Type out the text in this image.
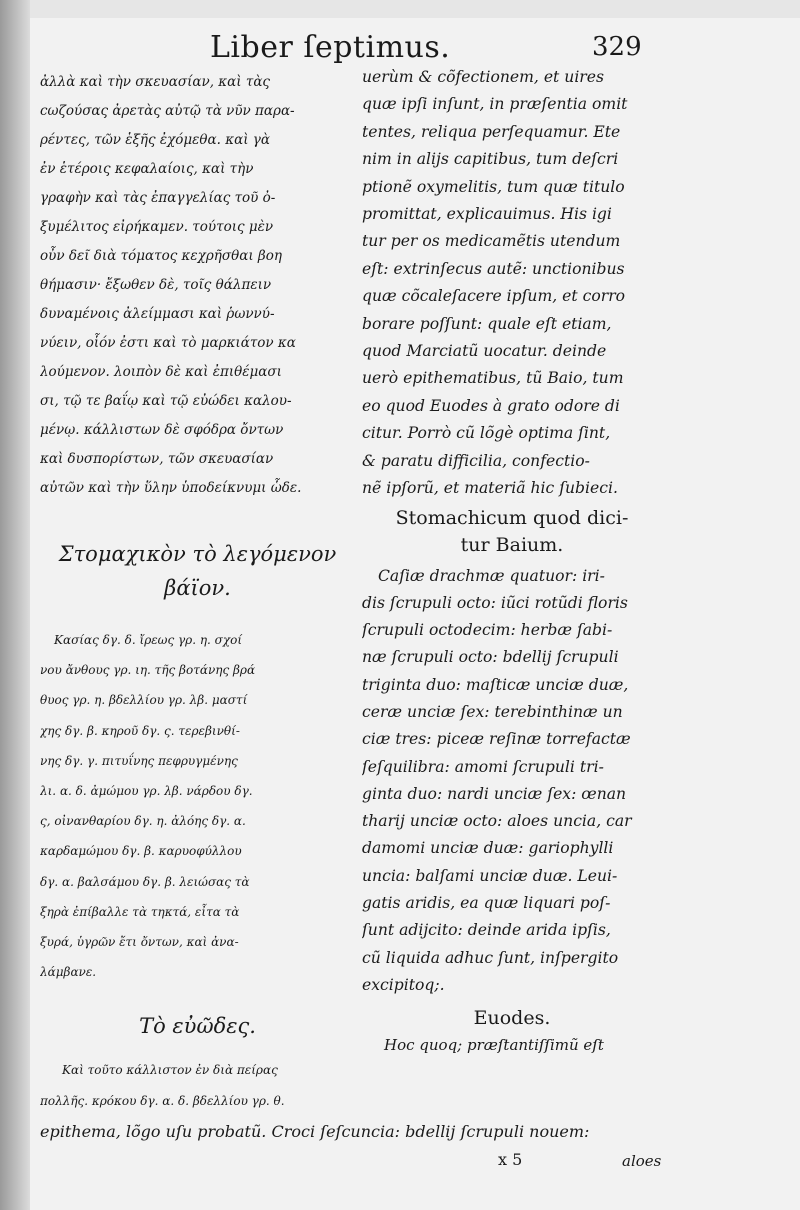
Liber ſeptimus.	329

ἀλλὰ καὶ τὴν σκευασίαν, καὶ τὰς

ϲωζούσας ἀρετὰς αὐτῷ τὰ νῦν παρα-

ρέντες, τῶν ἑξῆς ἐχόμεθα. καὶ γὰ

ἐν ἑτέροις κεφαλαίοις, καὶ τὴν

γραφὴν καὶ τὰς ἐπαγγελίας τοῦ ὀ-

ξυμέλιτος εἰρήκαμεν. τούτοις μὲν

οὖν δεῖ διὰ τόματος κεχρῆσθαι βοη

θήμασιν· ἔξωθεν δὲ, τοῖς θάλπειν

δυναμένοις ἀλείμμασι καὶ ῥωννύ-

νύειν, οἷόν ἐστι καὶ τὸ μαρκιάτον κα

λούμενον. λοιπὸν δὲ καὶ ἐπιθέμασι

σι, τῷ τε βαΐῳ καὶ τῷ εὐώδει καλου-

μένῳ. κάλλιστων δὲ σφόδρα ὄντων

καὶ δυσπορίστων, τῶν σκευασίαν

αὐτῶν καὶ τὴν ὕλην ὑποδείκνυμι ὧδε.

Στομαχικὸν τὸ λεγόμενον

βάϊον.

Κασίας δγ. δ. ἴρεως γρ. η. σχοί

νου ἄνθους γρ. ιη. τῆς βοτάνης βρά

θυος γρ. η. βδελλίου γρ. λβ. μαστί

χης δγ. β. κηροῦ δγ. ς. τερεβινθί-

νης δγ. γ. πιτυΐνης πεφρυγμένης

λι. α. δ. ἀμώμου γρ. λβ. νάρδου δγ.

ς, οἰνανθαρίου δγ. η. ἀλόης δγ. α.

καρδαμώμου δγ. β. καρυοφύλλου

δγ. α. βαλσάμου δγ. β. λειώσας τὰ

ξηρὰ ἐπίβαλλε τὰ τηκτά, εἶτα τὰ

ξυρά, ὑγρῶν ἔτι ὄντων, καὶ ἀνα-

λάμβανε.

Τὸ εὐῶδες.

Καὶ τοῦτο κάλλιστον ἐν διὰ πείρας

πολλῆς. κρόκου δγ. α. δ. βδελλίου γρ. θ.

uerùm & cõfectionem, et uires

quæ ipſi inſunt, in præſentia omit

tentes, reliqua perſequamur. Ete

nim in alijs capitibus, tum deſcri

ptionẽ oxymelitis, tum quæ titulo

promittat, explicauimus. His igi

tur per os medicamẽtis utendum

eſt: extrinſecus autẽ: unctionibus

quæ cõcaleſacere ipſum, et corro

borare poſſunt: quale eſt etiam,

quod Marciatũ uocatur. deinde

uerò epithematibus, tũ Baio, tum

eo quod Euodes à grato odore di

citur. Porrò cũ lõgè optima ſint,

& paratu difficilia, confectio-

nẽ ipſorũ, et materiã hic ſubieci.

Stomachicum quod dici-

tur Baium.

Caſiæ drachmæ quatuor: iri-

dis ſcrupuli octo: iũci rotũdi floris

ſcrupuli octodecim: herbæ ſabi-

næ ſcrupuli octo: bdellij ſcrupuli

triginta duo: maſticæ unciæ duæ,

ceræ unciæ ſex: terebinthinæ un

ciæ tres: piceæ reſinæ torrefactæ

ſeſquilibra: amomi ſcrupuli tri-

ginta duo: nardi unciæ ſex: œnan

tharij unciæ octo: aloes uncia, car

damomi unciæ duæ: gariophylli

uncia: balſami unciæ duæ. Leui-

gatis aridis, ea quæ liquari poſ-

ſunt adijcito: deinde arida ipſis,

cũ liquida adhuc ſunt, inſpergito

excipitoq;.

Euodes.

Hoc quoq; præſtantiſſimũ eſt

epithema, lõgo uſu probatũ. Croci ſeſcuncia: bdellij ſcrupuli nouem:
x 5	aloes
